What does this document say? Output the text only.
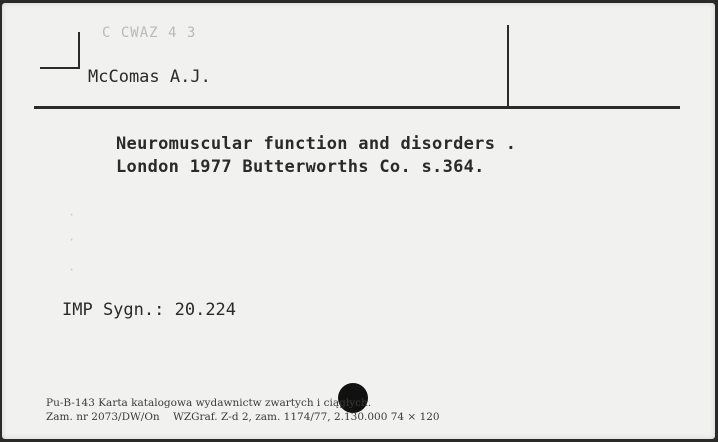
C CWAZ 4 3
McComas A.J.
Neuromuscular function and disorders .
London 1977 Butterworths Co. s.364.
IMP Sygn.: 20.224
·
·
·
Pu-B-143 Karta katalogowa wydawnictw zwartych i ciągłych.
Zam. nr 2073/DW/On    WZGraf. Z-d 2, zam. 1174/77, 2.130.000 74 × 120
